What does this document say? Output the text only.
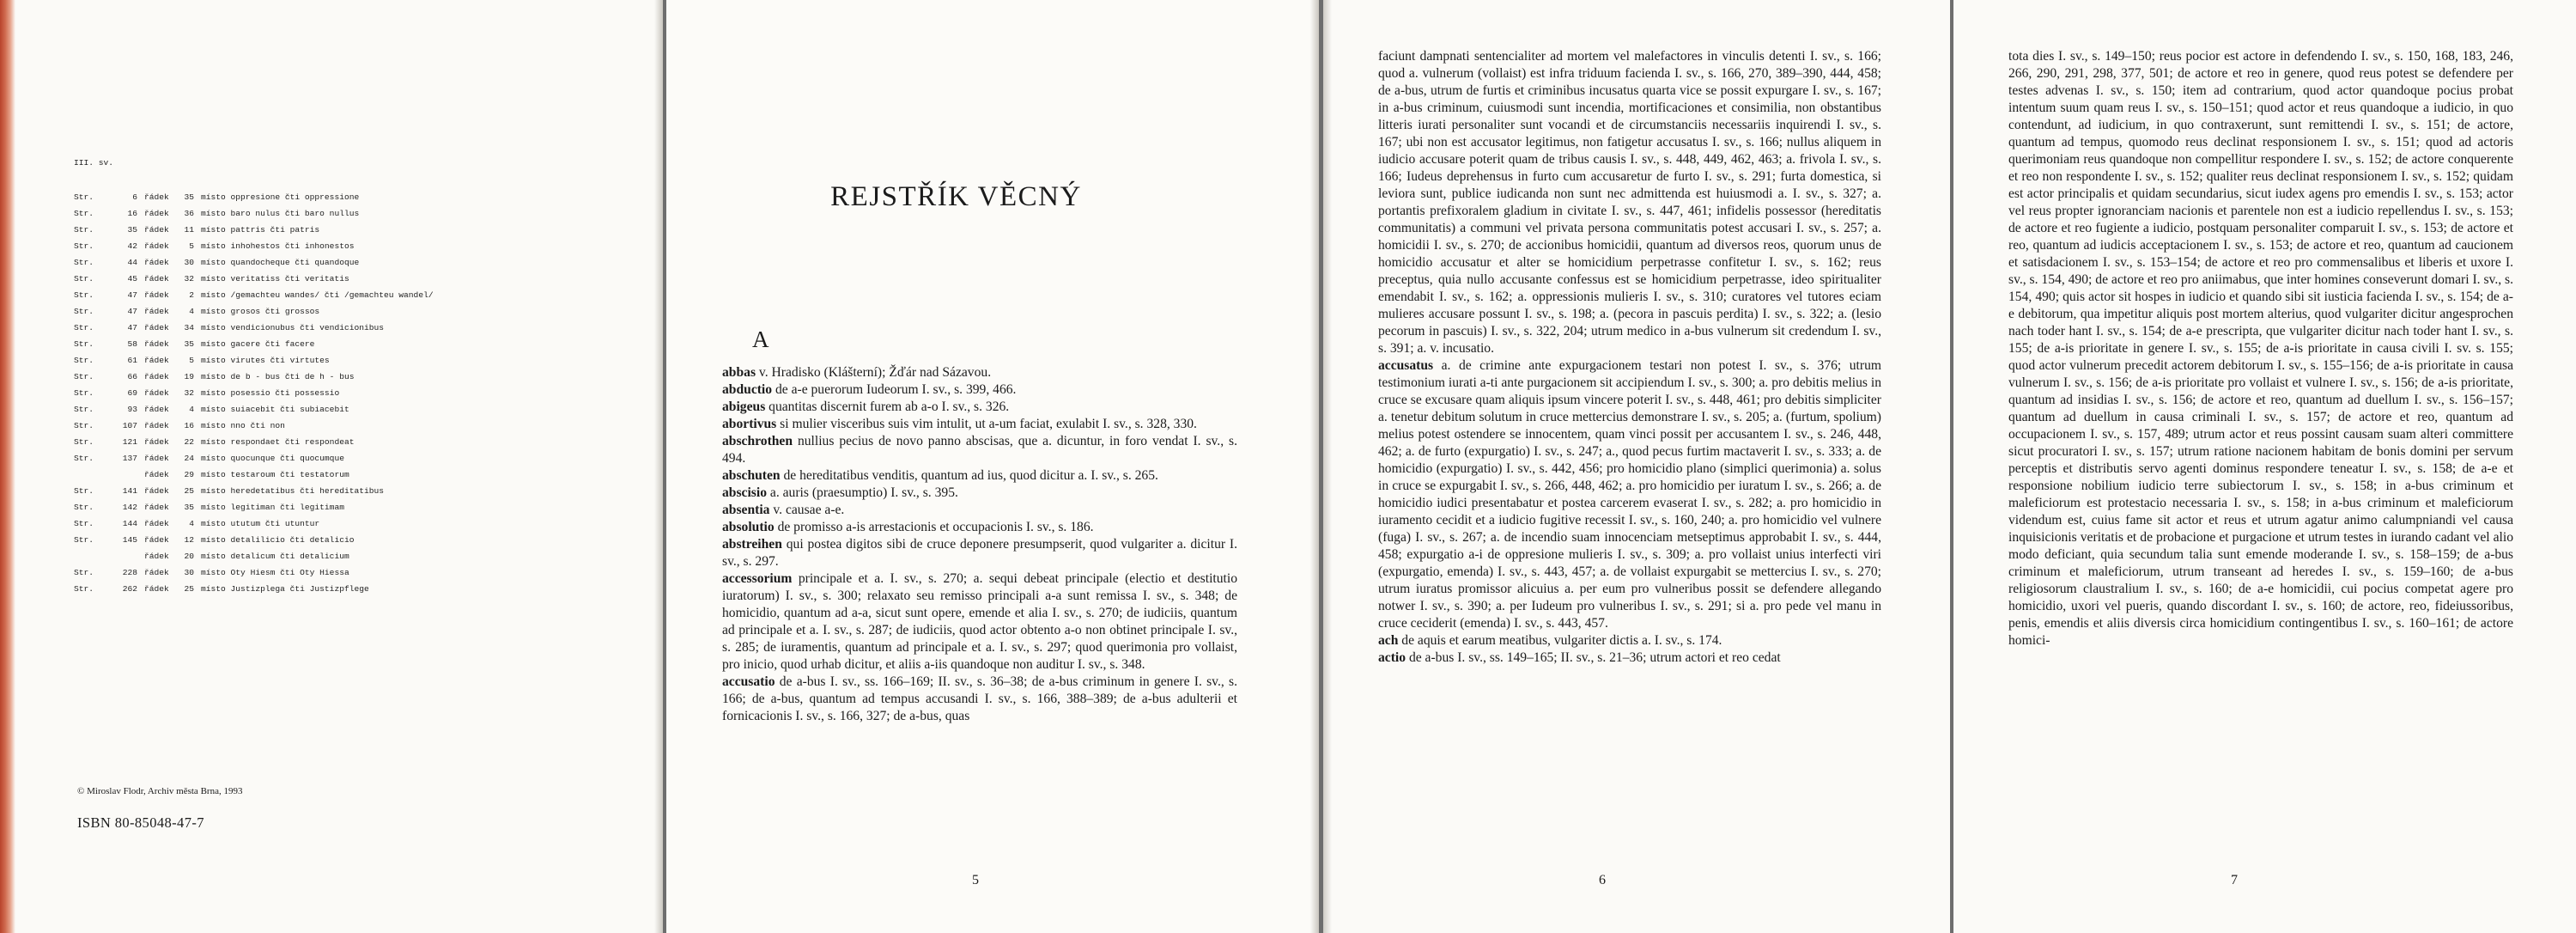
III. sv.
Str.	6 řádek	35 místo oppresione čti oppressione
Str.	16 řádek	36 místo baro nulus čti baro nullus
Str.	35 řádek	11 místo pattris čti patris
Str.	42 řádek	5 místo inhohestos čti inhonestos
Str.	44 řádek	30 místo quandocheque čti quandoque
Str.	45 řádek	32 místo veritatiss čti veritatis
Str.	47 řádek	2 místo /gemachteu wandes/ čti /gemachteu wandel/
Str.	47 řádek	4 místo grosos čti grossos
Str.	47 řádek	34 místo vendicionubus čti vendicionibus
Str.	58 řádek	35 místo gacere čti facere
Str.	61 řádek	5 místo virutes čti virtutes
Str.	66 řádek	19 místo de b - bus čti de h - bus
Str.	69 řádek	32 místo posessio čti possessio
Str.	93 řádek	4 místo suiacebit čti subiacebit
Str.	107 řádek	16 místo nno čti non
Str.	121 řádek	22 místo respondaet čti respondeat
Str.	137 řádek	24 místo quocunque čti quocumque
řádek	29 místo testaroum čti testatorum
Str.	141 řádek	25 místo heredetatibus čti hereditatibus
Str.	142 řádek	35 místo legitiman čti legitimam
Str.	144 řádek	4 místo ututum čti utuntur
Str.	145 řádek	12 místo detalilicio čti detalicio
řádek	20 místo detalicum čti detalicium
Str.	228 řádek	30 místo Oty Hiesm čti Oty Hiessa
Str.	262 řádek	25 místo Justizplega čti Justizpflege
© Miroslav Flodr, Archiv města Brna, 1993
ISBN 80-85048-47-7
REJSTŘÍK VĚCNÝ
A

abbas v. Hradisko (Klášterní); Žďár nad Sázavou.

abductio de a-e puerorum Iudeorum I. sv., s. 399, 466.

abigeus quantitas discernit furem ab a-o I. sv., s. 326.

abortivus si mulier visceribus suis vim intulit, ut a-um faciat, exulabit I. sv., s. 328, 330.

abschrothen nullius pecius de novo panno abscisas, que a. dicuntur, in foro vendat I. sv., s. 494.

abschuten de hereditatibus venditis, quantum ad ius, quod dicitur a. I. sv., s. 265.

abscisio a. auris (praesumptio) I. sv., s. 395.

absentia v. causae a-e.

absolutio de promisso a-is arrestacionis et occupacionis I. sv., s. 186.

abstreihen qui postea digitos sibi de cruce deponere presumpserit, quod vulgariter a. dicitur I. sv., s. 297.

accessorium principale et a. I. sv., s. 270; a. sequi debeat principale (electio et destitutio iuratorum) I. sv., s. 300; relaxato seu remisso principali a-a sunt remissa I. sv., s. 348; de homicidio, quantum ad a-a, sicut sunt opere, emende et alia I. sv., s. 270; de iudiciis, quantum ad principale et a. I. sv., s. 287; de iudiciis, quod actor obtento a-o non obtinet principale I. sv., s. 285; de iuramentis, quantum ad principale et a. I. sv., s. 297; quod querimonia pro vollaist, pro inicio, quod urhab dicitur, et aliis a-iis quandoque non auditur I. sv., s. 348.

accusatio de a-bus I. sv., ss. 166–169; II. sv., s. 36–38; de a-bus criminum in genere I. sv., s. 166; de a-bus, quantum ad tempus accusandi I. sv., s. 166, 388–389; de a-bus adulterii et fornicacionis I. sv., s. 166, 327; de a-bus, quas

5

faciunt dampnati sentencialiter ad mortem vel malefactores in vinculis detenti I. sv., s. 166; quod a. vulnerum (vollaist) est infra triduum facienda I. sv., s. 166, 270, 389–390, 444, 458; de a-bus, utrum de furtis et criminibus incusatus quarta vice se possit expurgare I. sv., s. 167; in a-bus criminum, cuiusmodi sunt incendia, mortificaciones et consimilia, non obstantibus litteris iurati personaliter sunt vocandi et de circumstanciis necessariis inquirendi I. sv., s. 167; ubi non est accusator legitimus, non fatigetur accusatus I. sv., s. 166; nullus aliquem in iudicio accusare poterit quam de tribus causis I. sv., s. 448, 449, 462, 463; a. frivola I. sv., s. 166; Iudeus deprehensus in furto cum accusaretur de furto I. sv., s. 291; furta domestica, si leviora sunt, publice iudicanda non sunt nec admittenda est huiusmodi a. I. sv., s. 327; a. portantis prefixoralem gladium in civitate I. sv., s. 447, 461; infidelis possessor (hereditatis communitatis) a communi vel privata persona communitatis potest accusari I. sv., s. 257; a. homicidii I. sv., s. 270; de accionibus homicidii, quantum ad diversos reos, quorum unus de homicidio accusatur et alter se homicidium perpetrasse confitetur I. sv., s. 162; reus preceptus, quia nullo accusante confessus est se homicidium perpetrasse, ideo spiritualiter emendabit I. sv., s. 162; a. oppressionis mulieris I. sv., s. 310; curatores vel tutores eciam mulieres accusare possunt I. sv., s. 198; a. (pecora in pascuis perdita) I. sv., s. 322; a. (lesio pecorum in pascuis) I. sv., s. 322, 204; utrum medico in a-bus vulnerum sit credendum I. sv., s. 391; a. v. incusatio.

accusatus a. de crimine ante expurgacionem testari non potest I. sv., s. 376; utrum testimonium iurati a-ti ante purgacionem sit accipiendum I. sv., s. 300; a. pro debitis melius in cruce se excusare quam aliquis ipsum vincere poterit I. sv., s. 448, 461; pro debitis simpliciter a. tenetur debitum solutum in cruce mettercius demonstrare I. sv., s. 205; a. (furtum, spolium) melius potest ostendere se innocentem, quam vinci possit per accusantem I. sv., s. 246, 448, 462; a. de furto (expurgatio) I. sv., s. 247; a., quod pecus furtim mactaverit I. sv., s. 333; a. de homicidio (expurgatio) I. sv., s. 442, 456; pro homicidio plano (simplici querimonia) a. solus in cruce se expurgabit I. sv., s. 266, 448, 462; a. pro homicidio per iuratum I. sv., s. 266; a. de homicidio iudici presentabatur et postea carcerem evaserat I. sv., s. 282; a. pro homicidio in iuramento cecidit et a iudicio fugitive recessit I. sv., s. 160, 240; a. pro homicidio vel vulnere (fuga) I. sv., s. 267; a. de incendio suam innocenciam metseptimus approbabit I. sv., s. 444, 458; expurgatio a-i de oppresione mulieris I. sv., s. 309; a. pro vollaist unius interfecti viri (expurgatio, emenda) I. sv., s. 443, 457; a. de vollaist expurgabit se mettercius I. sv., s. 270; utrum iuratus promissor alicuius a. per eum pro vulneribus possit se defendere allegando notwer I. sv., s. 390; a. per Iudeum pro vulneribus I. sv., s. 291; si a. pro pede vel manu in cruce ceciderit (emenda) I. sv., s. 443, 457.

ach de aquis et earum meatibus, vulgariter dictis a. I. sv., s. 174.

actio de a-bus I. sv., ss. 149–165; II. sv., s. 21–36; utrum actori et reo cedat

6

tota dies I. sv., s. 149–150; reus pocior est actore in defendendo I. sv., s. 150, 168, 183, 246, 266, 290, 291, 298, 377, 501; de actore et reo in genere, quod reus potest se defendere per testes advenas I. sv., s. 150; item ad contrarium, quod actor quandoque pocius probat intentum suum quam reus I. sv., s. 150–151; quod actor et reus quandoque a iudicio, in quo contendunt, ad iudicium, in quo contraxerunt, sunt remittendi I. sv., s. 151; de actore, quantum ad tempus, quomodo reus declinat responsionem I. sv., s. 151; quod ad actoris querimoniam reus quandoque non compellitur respondere I. sv., s. 152; de actore conquerente et reo non respondente I. sv., s. 152; qualiter reus declinat responsionem I. sv., s. 152; quidam est actor principalis et quidam secundarius, sicut iudex agens pro emendis I. sv., s. 153; actor vel reus propter ignoranciam nacionis et parentele non est a iudicio repellendus I. sv., s. 153; de actore et reo fugiente a iudicio, postquam personaliter comparuit I. sv., s. 153; de actore et reo, quantum ad iudicis acceptacionem I. sv., s. 153; de actore et reo, quantum ad caucionem et satisdacionem I. sv., s. 153–154; de actore et reo pro commensalibus et liberis et uxore I. sv., s. 154, 490; de actore et reo pro aniimabus, que inter homines conseverunt domari I. sv., s. 154, 490; quis actor sit hospes in iudicio et quando sibi sit iusticia facienda I. sv., s. 154; de a-e debitorum, qua impetitur aliquis post mortem alterius, quod vulgariter dicitur angesprochen nach toder hant I. sv., s. 154; de a-e prescripta, que vulgariter dicitur nach toder hant I. sv., s. 155; de a-is prioritate in genere I. sv., s. 155; de a-is prioritate in causa civili I. sv. s. 155; quod actor vulnerum precedit actorem debitorum I. sv., s. 155–156; de a-is prioritate in causa vulnerum I. sv., s. 156; de a-is prioritate pro vollaist et vulnere I. sv., s. 156; de a-is prioritate, quantum ad insidias I. sv., s. 156; de actore et reo, quantum ad duellum I. sv., s. 156–157; quantum ad duellum in causa criminali I. sv., s. 157; de actore et reo, quantum ad occupacionem I. sv., s. 157, 489; utrum actor et reus possint causam suam alteri committere sicut procuratori I. sv., s. 157; utrum ratione nacionem habitam de bonis domini per servum perceptis et distributis servo agenti dominus respondere teneatur I. sv., s. 158; de a-e et responsione nobilium iudicio terre subiectorum I. sv., s. 158; in a-bus criminum et maleficiorum est protestacio necessaria I. sv., s. 158; in a-bus criminum et maleficiorum videndum est, cuius fame sit actor et reus et utrum agatur animo calumpniandi vel causa inquisicionis veritatis et de probacione et purgacione et utrum testes in iurando cadant vel alio modo deficiant, quia secundum talia sunt emende moderande I. sv., s. 158–159; de a-bus criminum et maleficiorum, utrum transeant ad heredes I. sv., s. 159–160; de a-bus religiosorum claustralium I. sv., s. 160; de a-e homicidii, cui pocius competat agere pro homicidio, uxori vel pueris, quando discordant I. sv., s. 160; de actore, reo, fideiussoribus, penis, emendis et aliis diversis circa homicidium contingentibus I. sv., s. 160–161; de actore homici-

7
